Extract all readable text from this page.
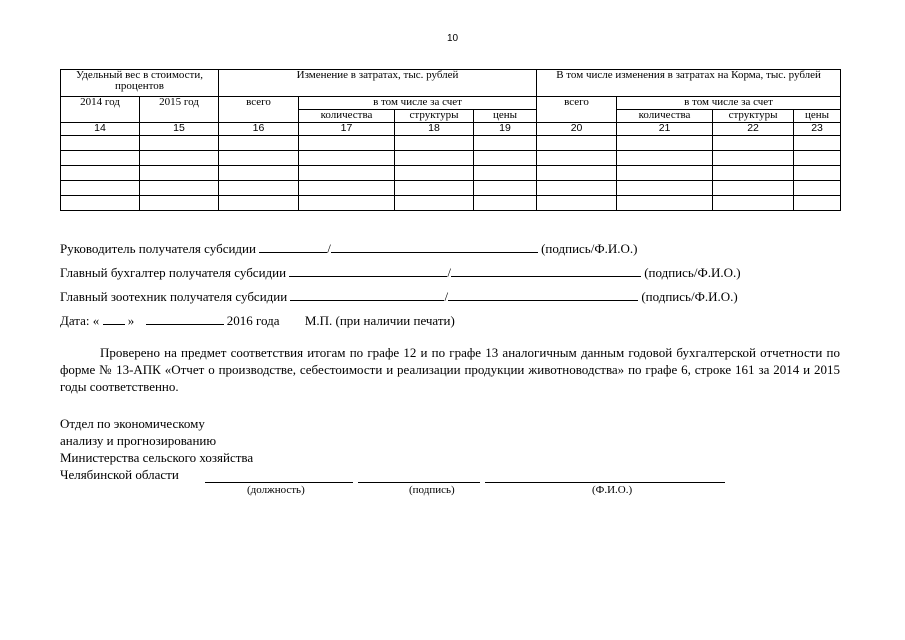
10
Удельный вес в стоимости, процентов		Изменение в затратах, тыс. рублей				В том числе изменения в затратах на Корма, тыс. рублей			
2014 год	2015 год	всего	в том числе за счет			всего	в том числе за счет		
			количества	структуры	цены		количества	структуры	цены
14	15	16	17	18	19	20	21	22	23

Руководитель получателя субсидии	/	(подпись/Ф.И.О.)
Главный бухгалтер получателя субсидии	/	(подпись/Ф.И.О.)
Главный зоотехник получателя субсидии	/	(подпись/Ф.И.О.)
Дата: « »	2016 года М.П. (при наличии печати)
Проверено на предмет соответствия итогам по графе 12 и по графе 13 аналогичным данным годовой бухгалтерской отчетности по форме № 13-АПК «Отчет о производстве, себестоимости и реализации продукции животноводства» по графе 6, строке 161 за 2014 и 2015 годы соответственно.
Отдел по экономическому
анализу и прогнозированию
Министерства сельского хозяйства
Челябинской области
(должность)	(подпись)	(Ф.И.О.)
